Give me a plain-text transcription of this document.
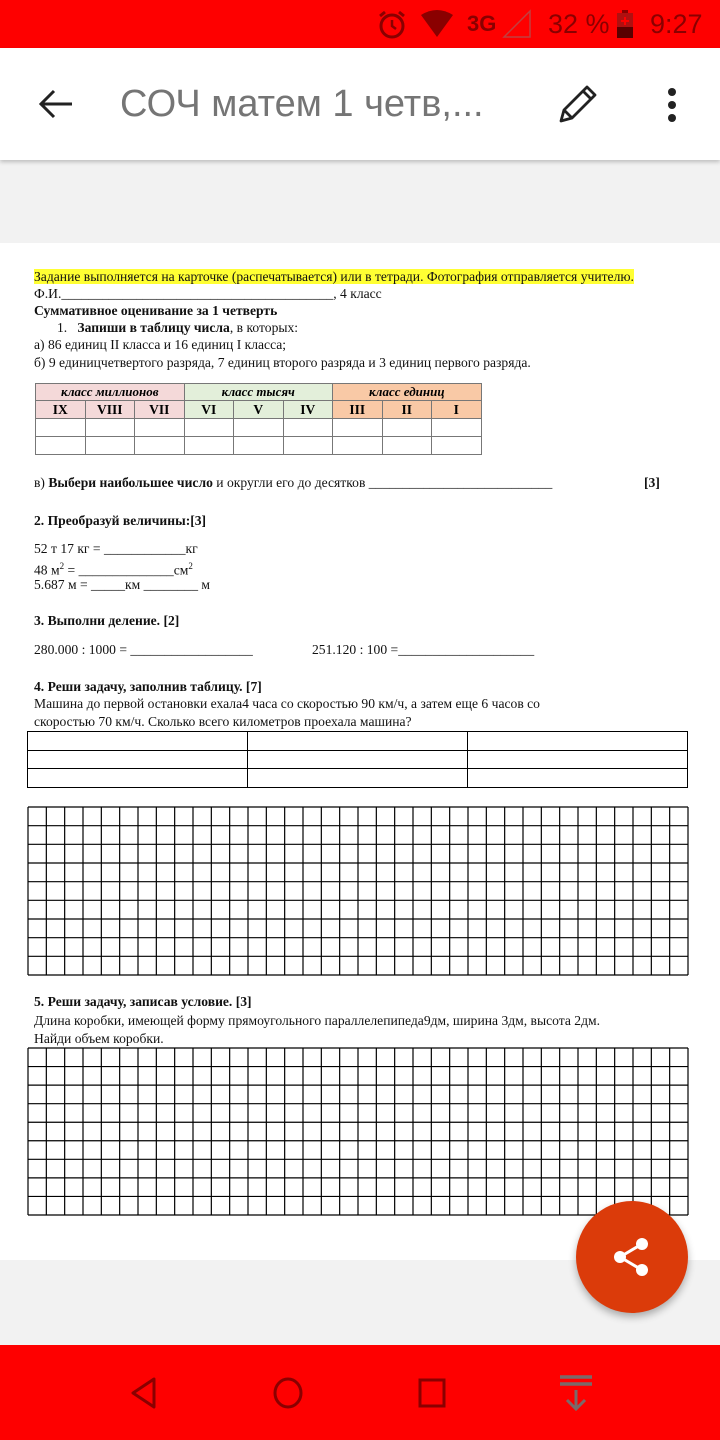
3G 32 % 9:27
СОЧ матем 1 четв,...
Задание выполняется на карточке (распечатывается) или в тетради. Фотография отправляется учителю.
Ф.И.________________________________________, 4 класс
Суммативное оценивание за 1 четверть
1. Запиши в таблицу числа, в которых:
а) 86 единиц II класса и 16 единиц I класса;
б) 9 единицчетвертого разряда, 7 единиц второго разряда и 3 единиц первого разряда.
класс миллионов			класс тысяч			класс единиц		
IX	VIII	VII	VI	V	IV	III	II	I

в) Выбери наибольшее число и округли его до десятков ___________________________	[3]
2. Преобразуй величины:[3]
52 т 17 кг = ____________кг
48 $м^2$ = $\_\_\_\_\_\_\_\_\_\_\_\_\_\_см^2$
5.687 м = _____км ________ м
3. Выполни деление. [2]
280.000 : 1000 = __________________	251.120 : 100 =____________________
4. Реши задачу, заполнив таблицу. [7]
Машина до первой остановки ехала4 часа со скоростью 90 км/ч, а затем еще 6 часов со
скоростью 70 км/ч. Сколько всего километров проехала машина?

5. Реши задачу, записав условие. [3]
Длина коробки, имеющей форму прямоугольного параллелепипеда9дм, ширина 3дм, высота 2дм.
Найди объем коробки.
